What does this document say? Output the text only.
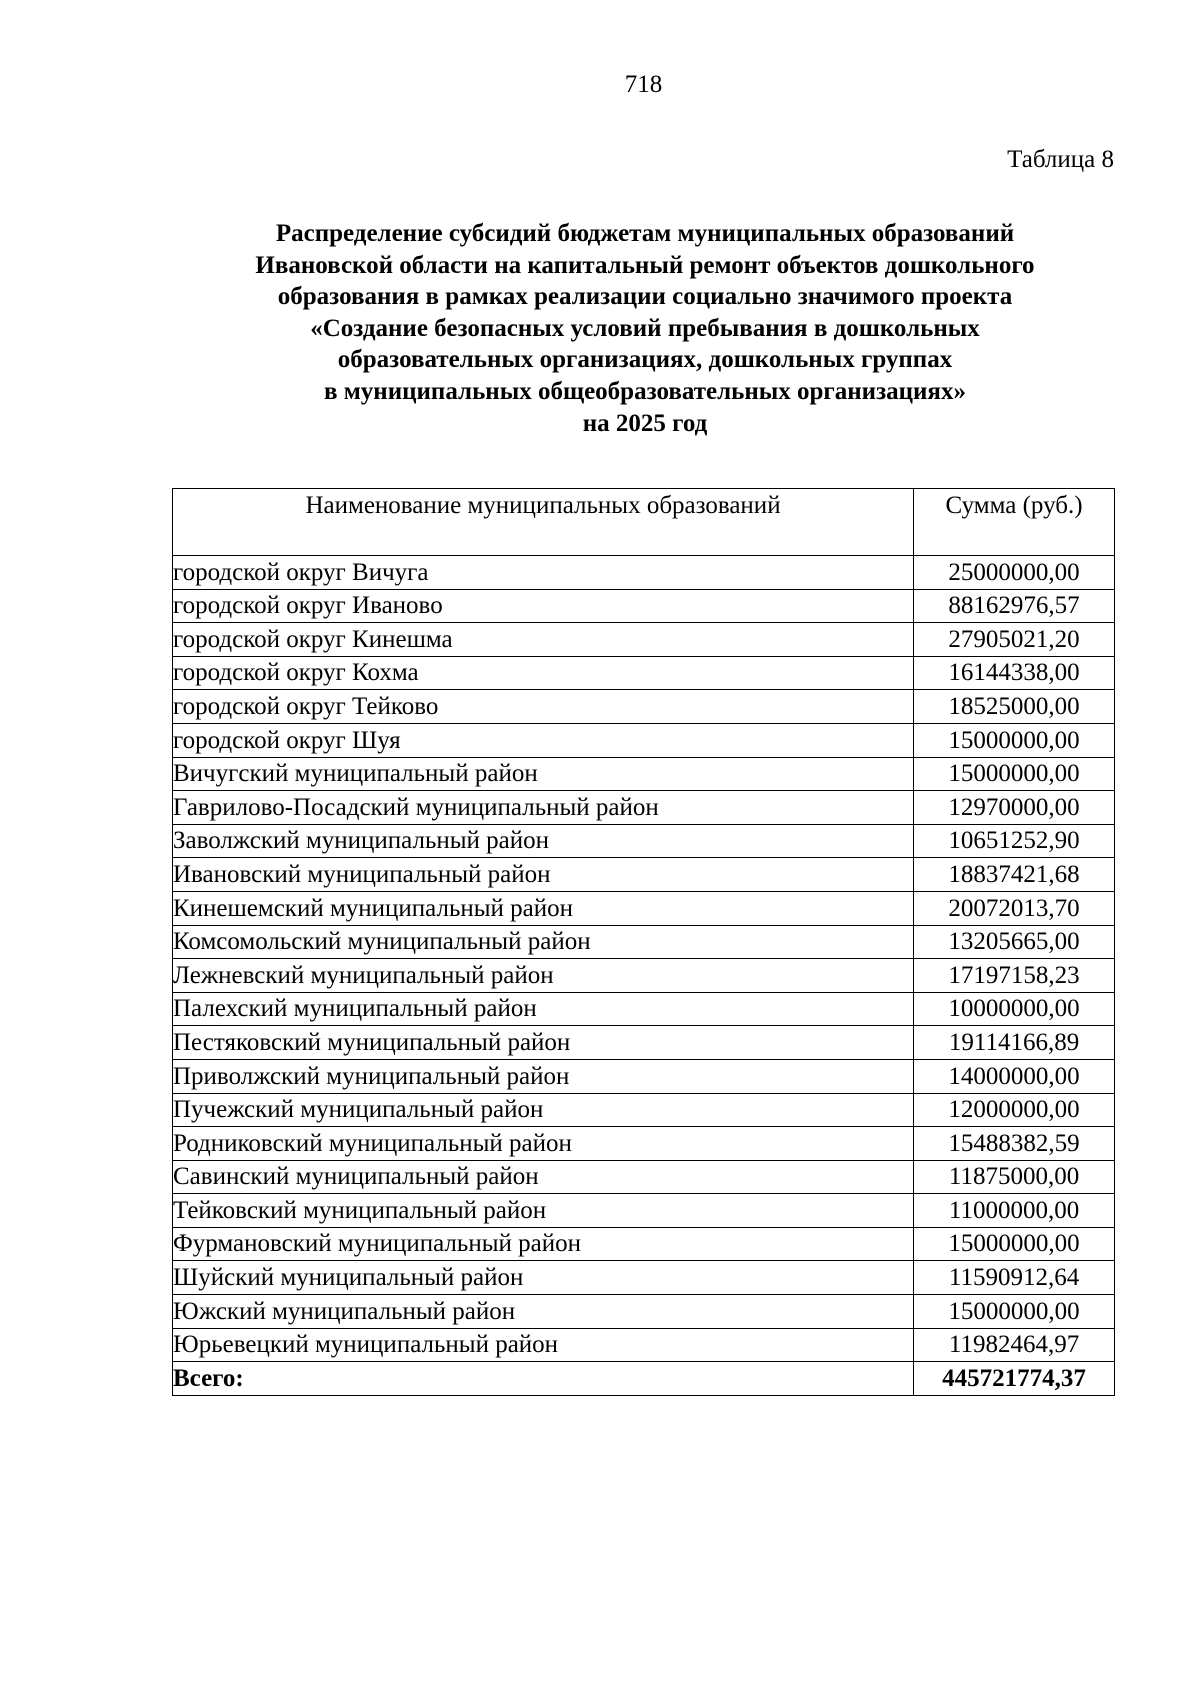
718
Таблица 8
Распределение субсидий бюджетам муниципальных образований
Ивановской области на капитальный ремонт объектов дошкольного
образования в рамках реализации социально значимого проекта
«Создание безопасных условий пребывания в дошкольных
образовательных организациях, дошкольных группах
в муниципальных общеобразовательных организациях»
на 2025 год
Наименование муниципальных образований	Сумма (руб.)
городской округ Вичуга	25000000,00
городской округ Иваново	88162976,57
городской округ Кинешма	27905021,20
городской округ Кохма	16144338,00
городской округ Тейково	18525000,00
городской округ Шуя	15000000,00
Вичугский муниципальный район	15000000,00
Гаврилово-Посадский муниципальный район	12970000,00
Заволжский муниципальный район	10651252,90
Ивановский муниципальный район	18837421,68
Кинешемский муниципальный район	20072013,70
Комсомольский муниципальный район	13205665,00
Лежневский муниципальный район	17197158,23
Палехский муниципальный район	10000000,00
Пестяковский муниципальный район	19114166,89
Приволжский муниципальный район	14000000,00
Пучежский муниципальный район	12000000,00
Родниковский муниципальный район	15488382,59
Савинский муниципальный район	11875000,00
Тейковский муниципальный район	11000000,00
Фурмановский муниципальный район	15000000,00
Шуйский муниципальный район	11590912,64
Южский муниципальный район	15000000,00
Юрьевецкий муниципальный район	11982464,97
Всего:	445721774,37
